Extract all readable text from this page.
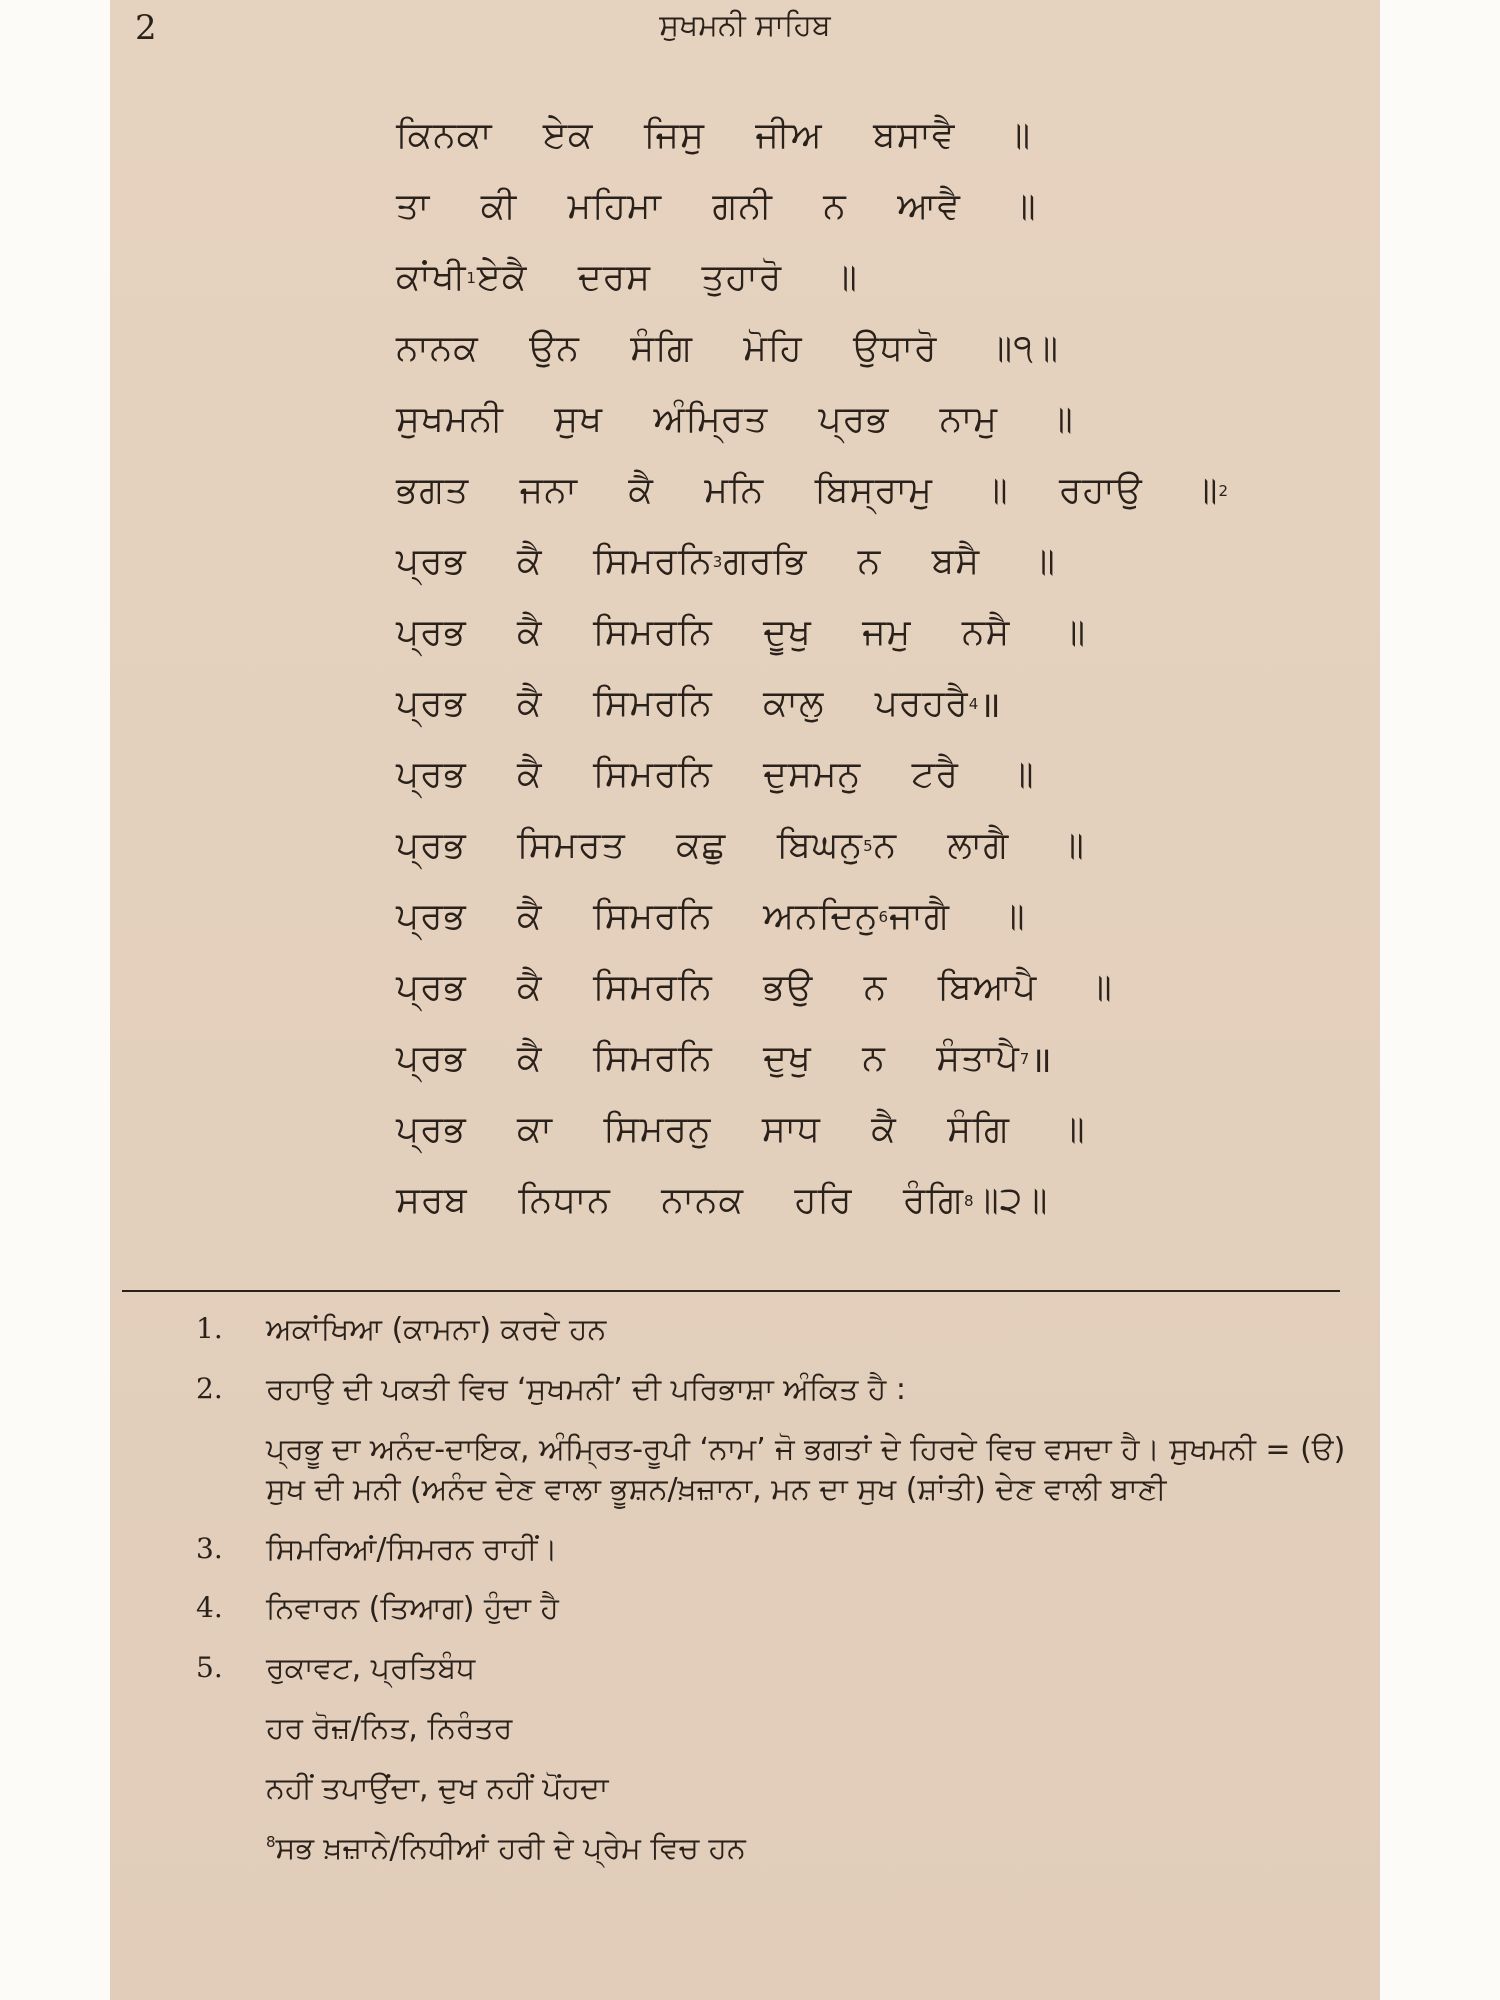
2	ਸੁਖਮਨੀ ਸਾਹਿਬ
ਕਿਨਕਾ ਏਕ ਜਿਸੁ ਜੀਅ ਬਸਾਵੈ ॥
ਤਾ ਕੀ ਮਹਿਮਾ ਗਨੀ ਨ ਆਵੈ ॥
ਕਾਂਖੀ 1 ਏਕੈ ਦਰਸ ਤੁਹਾਰੋ ॥
ਨਾਨਕ ਉਨ ਸੰਗਿ ਮੋਹਿ ਉਧਾਰੋ ॥੧॥
ਸੁਖਮਨੀ ਸੁਖ ਅੰਮ੍ਰਿਤ ਪ੍ਰਭ ਨਾਮੁ ॥
ਭਗਤ ਜਨਾ ਕੈ ਮਨਿ ਬਿਸ੍ਰਾਮੁ ॥ ਰਹਾਉ ॥ 2
ਪ੍ਰਭ ਕੈ ਸਿਮਰਨਿ 3 ਗਰਭਿ ਨ ਬਸੈ ॥
ਪ੍ਰਭ ਕੈ ਸਿਮਰਨਿ ਦੂਖੁ ਜਮੁ ਨਸੈ ॥
ਪ੍ਰਭ ਕੈ ਸਿਮਰਨਿ ਕਾਲੁ ਪਰਹਰੈ 4 ॥
ਪ੍ਰਭ ਕੈ ਸਿਮਰਨਿ ਦੁਸਮਨੁ ਟਰੈ ॥
ਪ੍ਰਭ ਸਿਮਰਤ ਕਛੁ ਬਿਘਨੁ 5 ਨ ਲਾਗੈ ॥
ਪ੍ਰਭ ਕੈ ਸਿਮਰਨਿ ਅਨਦਿਨੁ 6 ਜਾਗੈ ॥
ਪ੍ਰਭ ਕੈ ਸਿਮਰਨਿ ਭਉ ਨ ਬਿਆਪੈ ॥
ਪ੍ਰਭ ਕੈ ਸਿਮਰਨਿ ਦੁਖੁ ਨ ਸੰਤਾਪੈ 7 ॥
ਪ੍ਰਭ ਕਾ ਸਿਮਰਨੁ ਸਾਧ ਕੈ ਸੰਗਿ ॥
ਸਰਬ ਨਿਧਾਨ ਨਾਨਕ ਹਰਿ ਰੰਗਿ 8 ॥੨॥
1.	ਅਕਾਂਖਿਆ (ਕਾਮਨਾ) ਕਰਦੇ ਹਨ
2.	ਰਹਾਉ ਦੀ ਪਕਤੀ ਵਿਚ ‘ਸੁਖਮਨੀ’ ਦੀ ਪਰਿਭਾਸ਼ਾ ਅੰਕਿਤ ਹੈ :
ਪ੍ਰਭੂ ਦਾ ਅਨੰਦ-ਦਾਇਕ, ਅੰਮ੍ਰਿਤ-ਰੂਪੀ ‘ਨਾਮ’ ਜੋ ਭਗਤਾਂ ਦੇ ਹਿਰਦੇ ਵਿਚ ਵਸਦਾ ਹੈ। ਸੁਖਮਨੀ = (ੳ) ਸੁਖ ਦੀ ਮਨੀ (ਅਨੰਦ ਦੇਣ ਵਾਲਾ ਭੂਸ਼ਨ/ਖ਼ਜ਼ਾਨਾ, ਮਨ ਦਾ ਸੁਖ (ਸ਼ਾਂਤੀ) ਦੇਣ ਵਾਲੀ ਬਾਣੀ
3.	ਸਿਮਰਿਆਂ/ਸਿਮਰਨ ਰਾਹੀਂ।
4.	ਨਿਵਾਰਨ (ਤਿਆਗ) ਹੁੰਦਾ ਹੈ
5.	ਰੁਕਾਵਟ, ਪ੍ਰਤਿਬੰਧ
ਹਰ ਰੋਜ਼/ਨਿਤ, ਨਿਰੰਤਰ
ਨਹੀਂ ਤਪਾਉਂਦਾ, ਦੁਖ ਨਹੀਂ ਪੋਂਹਦਾ
$^8$ਸਭ ਖ਼ਜ਼ਾਨੇ/ਨਿਧੀਆਂ ਹਰੀ ਦੇ ਪ੍ਰੇਮ ਵਿਚ ਹਨ
